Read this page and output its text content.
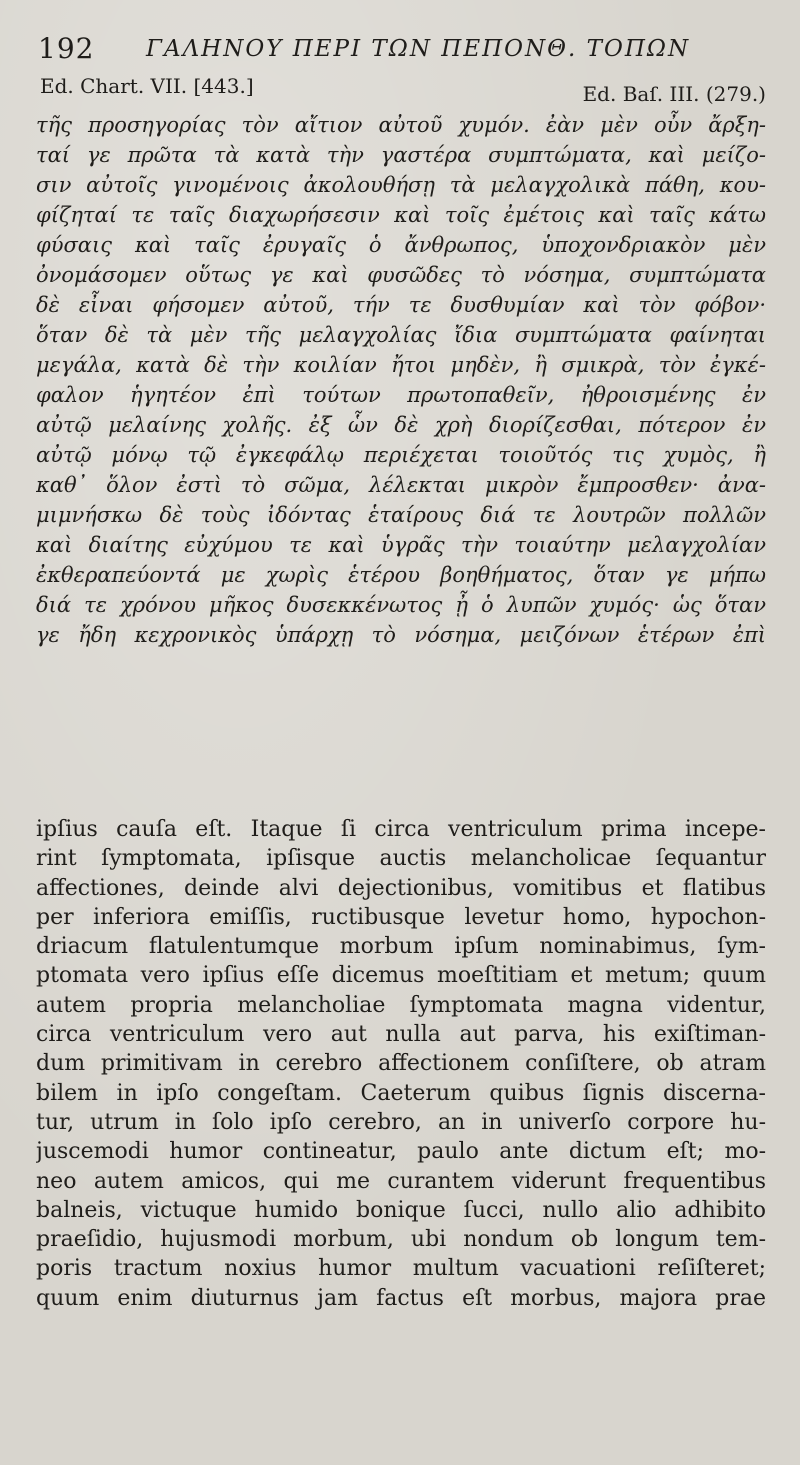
192 ΓΑΛΗΝΟΥ ΠΕΡΙ ΤΩΝ ΠΕΠΟΝΘ. ΤΟΠΩΝ
Ed. Chart. VII. [443.]	Ed. Baſ. III. (279.)
τῆς προσηγορίας τὸν αἴτιον αὐτοῦ χυμόν. ἐὰν μὲν οὖν ἄρξη-
ταί γε πρῶτα τὰ κατὰ τὴν γαστέρα συμπτώματα, καὶ μείζο-
σιν αὐτοῖς γινομένοις ἀκολουθήσῃ τὰ μελαγχολικὰ πάθη, κου-
φίζηταί τε ταῖς διαχωρήσεσιν καὶ τοῖς ἐμέτοις καὶ ταῖς κάτω
φύσαις καὶ ταῖς ἐρυγαῖς ὁ ἄνθρωπος, ὑποχονδριακὸν μὲν
ὀνομάσομεν οὕτως γε καὶ φυσῶδες τὸ νόσημα, συμπτώματα
δὲ εἶναι φήσομεν αὐτοῦ, τήν τε δυσθυμίαν καὶ τὸν φόβον·
ὅταν δὲ τὰ μὲν τῆς μελαγχολίας ἴδια συμπτώματα φαίνηται
μεγάλα, κατὰ δὲ τὴν κοιλίαν ἤτοι μηδὲν, ἢ σμικρὰ, τὸν ἐγκέ-
φαλον ἡγητέον ἐπὶ τούτων πρωτοπαθεῖν, ἠθροισμένης ἐν
αὐτῷ μελαίνης χολῆς. ἐξ ὧν δὲ χρὴ διορίζεσθαι, πότερον ἐν
αὐτῷ μόνῳ τῷ ἐγκεφάλῳ περιέχεται τοιοῦτός τις χυμὸς, ἢ
καθ᾽ ὅλον ἐστὶ τὸ σῶμα, λέλεκται μικρὸν ἔμπροσθεν· ἀνα-
μιμνήσκω δὲ τοὺς ἰδόντας ἑταίρους διά τε λουτρῶν πολλῶν
καὶ διαίτης εὐχύμου τε καὶ ὑγρᾶς τὴν τοιαύτην μελαγχολίαν
ἐκθεραπεύοντά με χωρὶς ἑτέρου βοηθήματος, ὅταν γε μήπω
διά τε χρόνου μῆκος δυσεκκένωτος ᾖ ὁ λυπῶν χυμός· ὡς ὅταν
γε ἤδη κεχρονικὸς ὑπάρχῃ τὸ νόσημα, μειζόνων ἑτέρων ἐπὶ
ipſius cauſa eſt. Itaque ſi circa ventriculum prima incepe-
rint ſymptomata, ipſisque auctis melancholicae ſequantur
affectiones, deinde alvi dejectionibus, vomitibus et flatibus
per inferiora emiſſis, ructibusque levetur homo, hypochon-
driacum flatulentumque morbum ipſum nominabimus, ſym-
ptomata vero ipſius eſſe dicemus moeſtitiam et metum; quum
autem propria melancholiae ſymptomata magna videntur,
circa ventriculum vero aut nulla aut parva, his exiſtiman-
dum primitivam in cerebro affectionem conſiſtere, ob atram
bilem in ipſo congeſtam. Caeterum quibus ſignis discerna-
tur, utrum in ſolo ipſo cerebro, an in univerſo corpore hu-
juscemodi humor contineatur, paulo ante dictum eſt; mo-
neo autem amicos, qui me curantem viderunt frequentibus
balneis, victuque humido bonique ſucci, nullo alio adhibito
praeſidio, hujusmodi morbum, ubi nondum ob longum tem-
poris tractum noxius humor multum vacuationi reſiſteret;
quum enim diuturnus jam factus eſt morbus, majora prae
